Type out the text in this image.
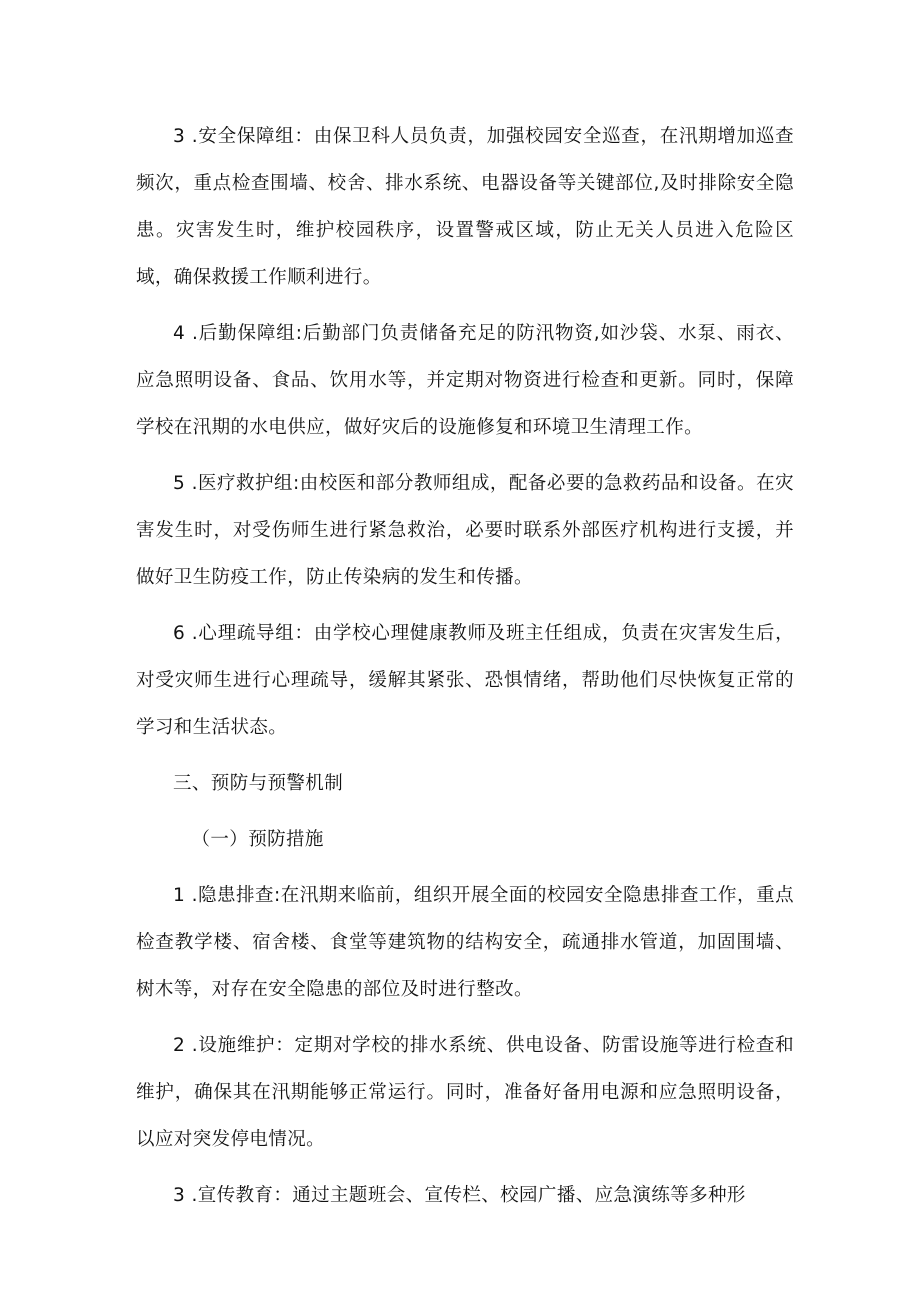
3 .安全保障组：由保卫科人员负责，加强校园安全巡查，在汛期增加巡查频次，重点检查围墙、校舍、排水系统、电器设备等关键部位,及时排除安全隐患。灾害发生时，维护校园秩序，设置警戒区域，防止无关人员进入危险区域，确保救援工作顺利进行。

4 .后勤保障组:后勤部门负责储备充足的防汛物资,如沙袋、水泵、雨衣、应急照明设备、食品、饮用水等，并定期对物资进行检查和更新。同时，保障学校在汛期的水电供应，做好灾后的设施修复和环境卫生清理工作。

5 .医疗救护组:由校医和部分教师组成，配备必要的急救药品和设备。在灾害发生时，对受伤师生进行紧急救治，必要时联系外部医疗机构进行支援，并做好卫生防疫工作，防止传染病的发生和传播。

6 .心理疏导组：由学校心理健康教师及班主任组成，负责在灾害发生后，对受灾师生进行心理疏导，缓解其紧张、恐惧情绪，帮助他们尽快恢复正常的学习和生活状态。

三、预防与预警机制

（一）预防措施

1 .隐患排查:在汛期来临前，组织开展全面的校园安全隐患排查工作，重点检查教学楼、宿舍楼、食堂等建筑物的结构安全，疏通排水管道，加固围墙、树木等，对存在安全隐患的部位及时进行整改。

2 .设施维护：定期对学校的排水系统、供电设备、防雷设施等进行检查和维护，确保其在汛期能够正常运行。同时，准备好备用电源和应急照明设备，以应对突发停电情况。

3 .宣传教育：通过主题班会、宣传栏、校园广播、应急演练等多种形
